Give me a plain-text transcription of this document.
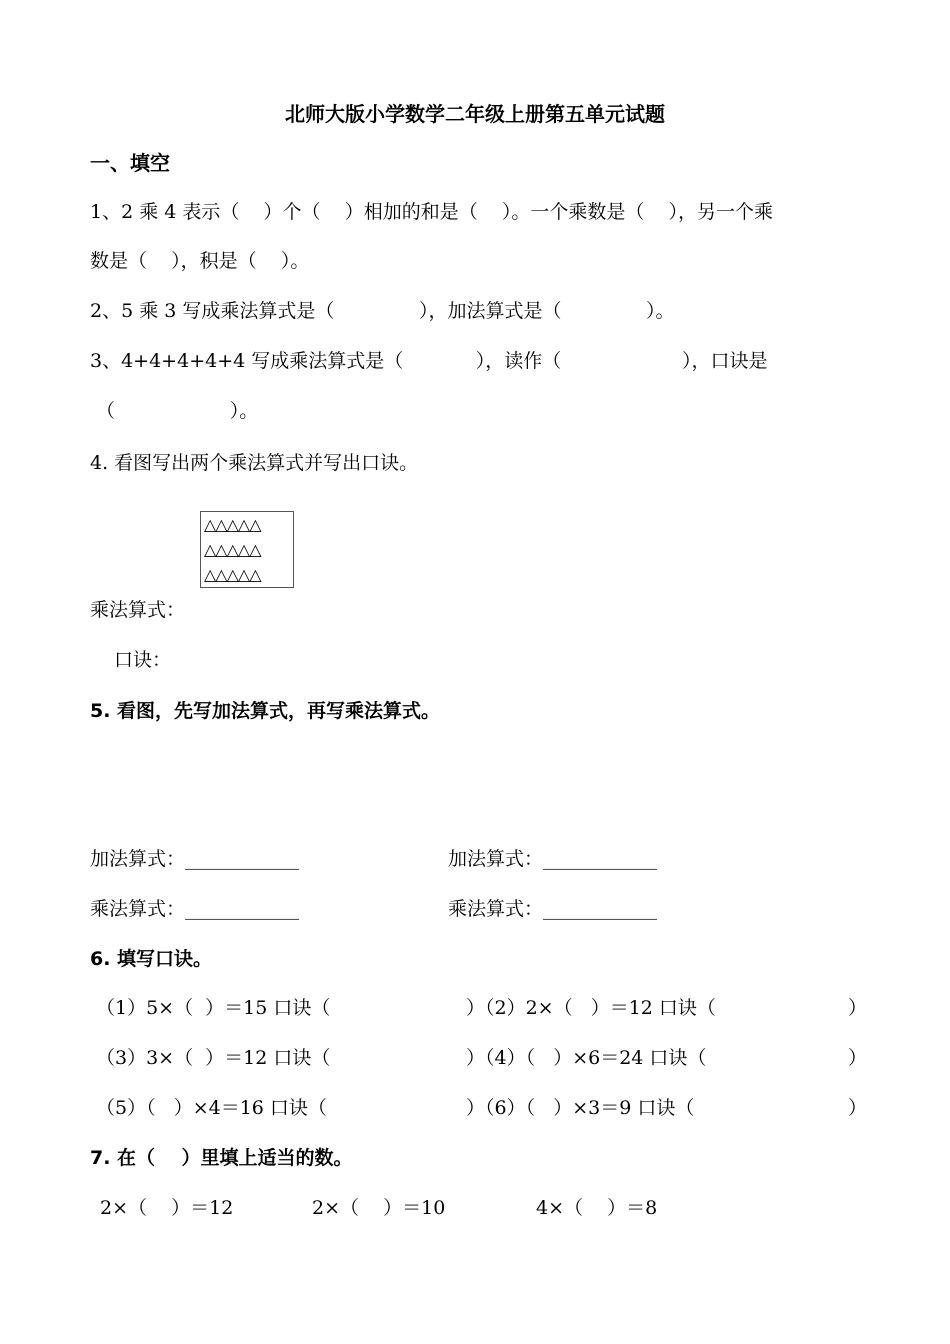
北师大版小学数学二年级上册第五单元试题
一、填空
1、2 乘 4 表示（    ）个（    ）相加的和是（    ）。一个乘数是（    ），另一个乘
数是（    ），积是（    ）。
2、5 乘 3 写成乘法算式是（              ），加法算式是（              ）。
3、4+4+4+4+4 写成乘法算式是（            ），读作（                    ），口诀是
（                   ）。
4. 看图写出两个乘法算式并写出口诀。
△△△△△
△△△△△
△△△△△
乘法算式：
口诀：
5. 看图，先写加法算式，再写乘法算式。
加法算式：____________	加法算式：____________
乘法算式：____________	乘法算式：____________
6. 填写口诀。
（1）5×（  ）＝15 口诀（	）（2）2×（   ）＝12 口诀（	）
（3）3×（  ）＝12 口诀（	）（4）（   ）×6＝24 口诀（	）
（5）（   ）×4＝16 口诀（	）（6）（   ）×3＝9 口诀（	）
7. 在（    ）里填上适当的数。
2×（    ）＝12	2×（    ）＝10	4×（    ）＝8
